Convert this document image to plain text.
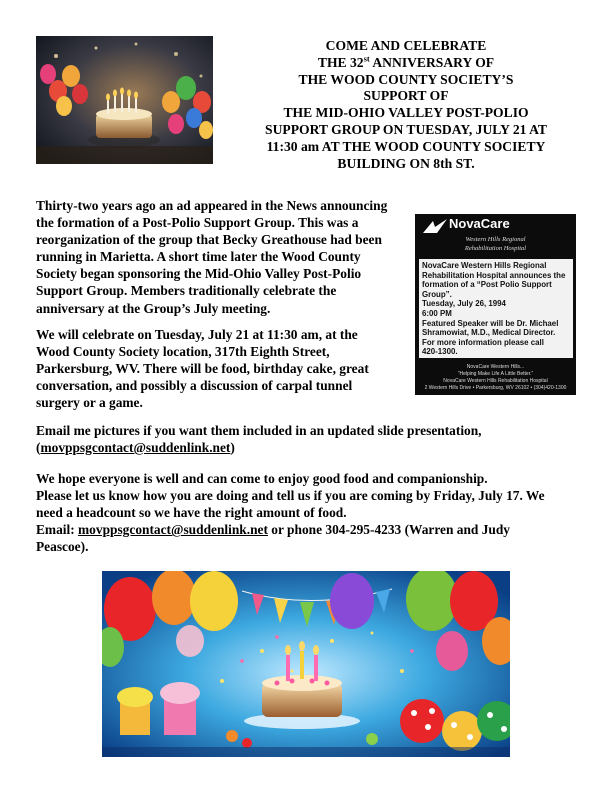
COME AND CELEBRATE
THE 32st ANNIVERSARY OF
THE WOOD COUNTY SOCIETY’S
SUPPORT OF
THE MID-OHIO VALLEY POST-POLIO
SUPPORT GROUP ON TUESDAY, JULY 21 AT
11:30 am AT THE WOOD COUNTY SOCIETY
BUILDING ON 8th ST.
Thirty-two years ago an ad appeared in the News announcing
the formation of a Post-Polio Support Group. This was a
reorganization of the group that Becky Greathouse had been
running in Marietta. A short time later the Wood County
Society began sponsoring the Mid-Ohio Valley Post-Polio
Support Group. Members traditionally celebrate the
anniversary at the Group’s July meeting.
NovaCare
Western Hills Regional
Rehabilitation Hospital
NovaCare Western Hills Regional
Rehabilitation Hospital announces the
formation of a “Post Polio Support
Group”.
Tuesday, July 26, 1994
6:00 PM
Featured Speaker will be Dr. Michael
Shramowiat, M.D., Medical Director.
For more information please call
420-1300.
NovaCare Western Hills...
“Helping Make Life A Little Better.”
NovaCare Western Hills Rehabilitation Hospital
2 Western Hills Drive • Parkersburg, WV 26102 • (304)420-1300
We will celebrate on Tuesday, July 21 at 11:30 am, at the
Wood County Society location, 317th Eighth Street,
Parkersburg, WV. There will be food, birthday cake, great
conversation, and possibly a discussion of carpal tunnel
surgery or a game.
Email me pictures if you want them included in an updated slide presentation,
(movppsgcontact@suddenlink.net)
We hope everyone is well and can come to enjoy good food and companionship.
Please let us know how you are doing and tell us if you are coming by Friday, July 17. We
need a headcount so we have the right amount of food.
Email: movppsgcontact@suddenlink.net or phone 304-295-4233 (Warren and Judy
Peascoe).
